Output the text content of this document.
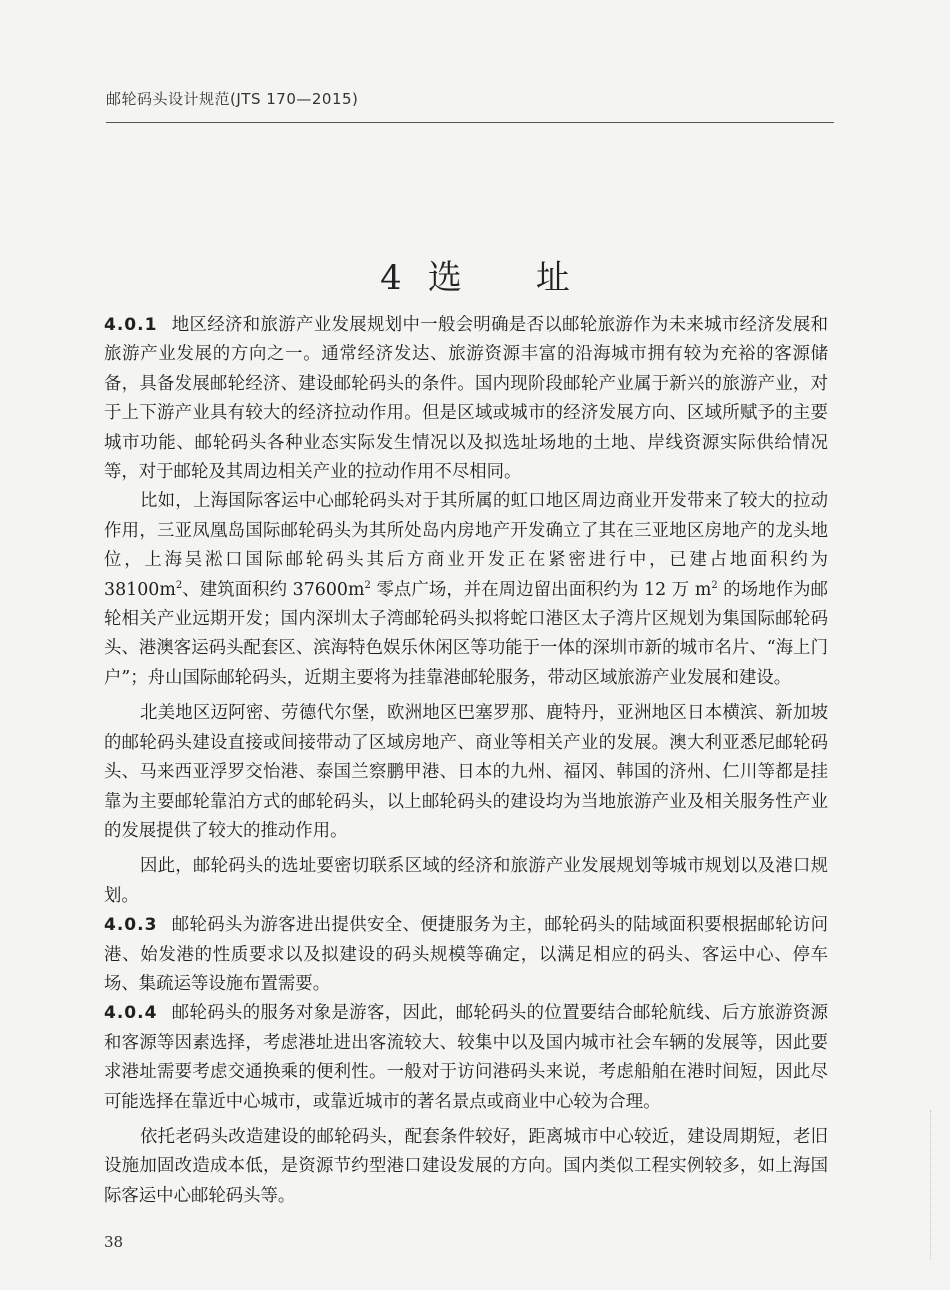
邮轮码头设计规范(JTS 170—2015)
4 选 址

4.0.1 地区经济和旅游产业发展规划中一般会明确是否以邮轮旅游作为未来城市经济发展和旅游产业发展的方向之一。通常经济发达、旅游资源丰富的沿海城市拥有较为充裕的客源储备，具备发展邮轮经济、建设邮轮码头的条件。国内现阶段邮轮产业属于新兴的旅游产业，对于上下游产业具有较大的经济拉动作用。但是区域或城市的经济发展方向、区域所赋予的主要城市功能、邮轮码头各种业态实际发生情况以及拟选址场地的土地、岸线资源实际供给情况等，对于邮轮及其周边相关产业的拉动作用不尽相同。

比如，上海国际客运中心邮轮码头对于其所属的虹口地区周边商业开发带来了较大的拉动作用，三亚凤凰岛国际邮轮码头为其所处岛内房地产开发确立了其在三亚地区房地产的龙头地位，上海吴淞口国际邮轮码头其后方商业开发正在紧密进行中，已建占地面积约为 $38100m^2$、建筑面积约 $37600m^2$ 零点广场，并在周边留出面积约为 12 万 $m^2$ 的场地作为邮轮相关产业远期开发；国内深圳太子湾邮轮码头拟将蛇口港区太子湾片区规划为集国际邮轮码头、港澳客运码头配套区、滨海特色娱乐休闲区等功能于一体的深圳市新的城市名片、“海上门户”；舟山国际邮轮码头，近期主要将为挂靠港邮轮服务，带动区域旅游产业发展和建设。

北美地区迈阿密、劳德代尔堡，欧洲地区巴塞罗那、鹿特丹，亚洲地区日本横滨、新加坡的邮轮码头建设直接或间接带动了区域房地产、商业等相关产业的发展。澳大利亚悉尼邮轮码头、马来西亚浮罗交怡港、泰国兰察鹏甲港、日本的九州、福冈、韩国的济州、仁川等都是挂靠为主要邮轮靠泊方式的邮轮码头，以上邮轮码头的建设均为当地旅游产业及相关服务性产业的发展提供了较大的推动作用。

因此，邮轮码头的选址要密切联系区域的经济和旅游产业发展规划等城市规划以及港口规划。

4.0.3 邮轮码头为游客进出提供安全、便捷服务为主，邮轮码头的陆域面积要根据邮轮访问港、始发港的性质要求以及拟建设的码头规模等确定，以满足相应的码头、客运中心、停车场、集疏运等设施布置需要。

4.0.4 邮轮码头的服务对象是游客，因此，邮轮码头的位置要结合邮轮航线、后方旅游资源和客源等因素选择，考虑港址进出客流较大、较集中以及国内城市社会车辆的发展等，因此要求港址需要考虑交通换乘的便利性。一般对于访问港码头来说，考虑船舶在港时间短，因此尽可能选择在靠近中心城市，或靠近城市的著名景点或商业中心较为合理。

依托老码头改造建设的邮轮码头，配套条件较好，距离城市中心较近，建设周期短，老旧设施加固改造成本低，是资源节约型港口建设发展的方向。国内类似工程实例较多，如上海国际客运中心邮轮码头等。

38
